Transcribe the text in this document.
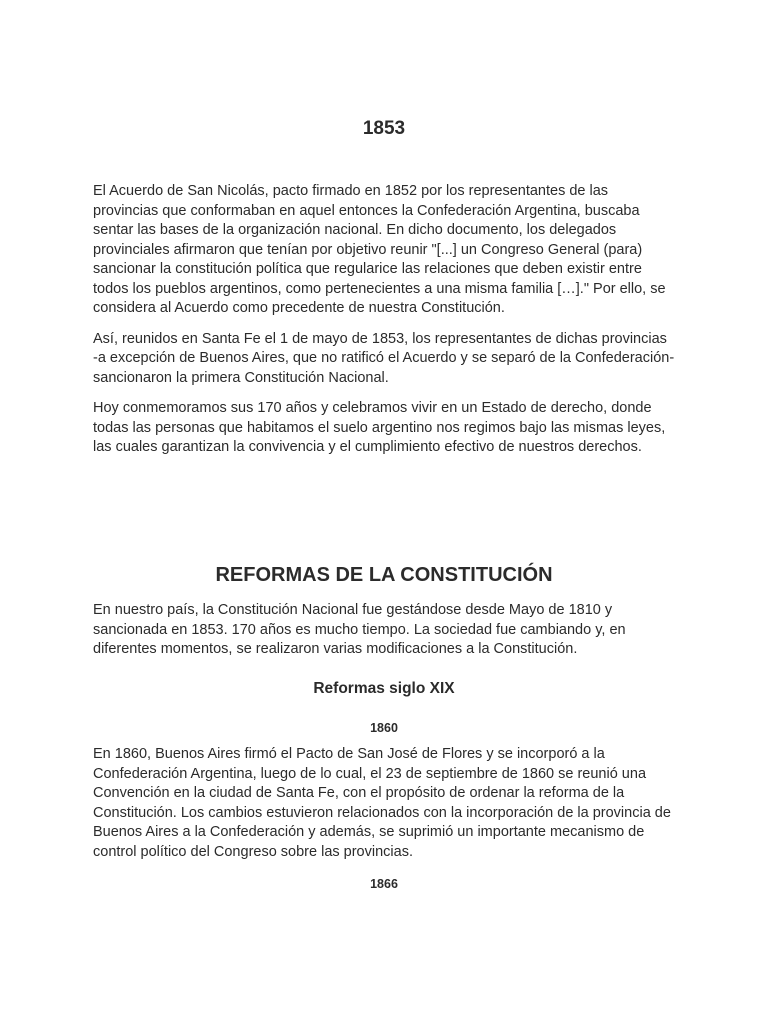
1853

El Acuerdo de San Nicolás, pacto firmado en 1852 por los representantes de las provincias que conformaban en aquel entonces la Confederación Argentina, buscaba sentar las bases de la organización nacional. En dicho documento, los delegados provinciales afirmaron que tenían por objetivo reunir "[...] un Congreso General (para) sancionar la constitución política que regularice las relaciones que deben existir entre todos los pueblos argentinos, como pertenecientes a una misma familia […]." Por ello, se considera al Acuerdo como precedente de nuestra Constitución.

Así, reunidos en Santa Fe el 1 de mayo de 1853, los representantes de dichas provincias -a excepción de Buenos Aires, que no ratificó el Acuerdo y se separó de la Confederación- sancionaron la primera Constitución Nacional.

Hoy conmemoramos sus 170 años y celebramos vivir en un Estado de derecho, donde todas las personas que habitamos el suelo argentino nos regimos bajo las mismas leyes, las cuales garantizan la convivencia y el cumplimiento efectivo de nuestros derechos.

REFORMAS DE LA CONSTITUCIÓN

En nuestro país, la Constitución Nacional fue gestándose desde Mayo de 1810 y sancionada en 1853. 170 años es mucho tiempo. La sociedad fue cambiando y, en diferentes momentos, se realizaron varias modificaciones a la Constitución.

Reformas siglo XIX
1860

En 1860, Buenos Aires firmó el Pacto de San José de Flores y se incorporó a la Confederación Argentina, luego de lo cual, el 23 de septiembre de 1860 se reunió una Convención en la ciudad de Santa Fe, con el propósito de ordenar la reforma de la Constitución. Los cambios estuvieron relacionados con la incorporación de la provincia de Buenos Aires a la Confederación y además, se suprimió un importante mecanismo de control político del Congreso sobre las provincias.

1866
